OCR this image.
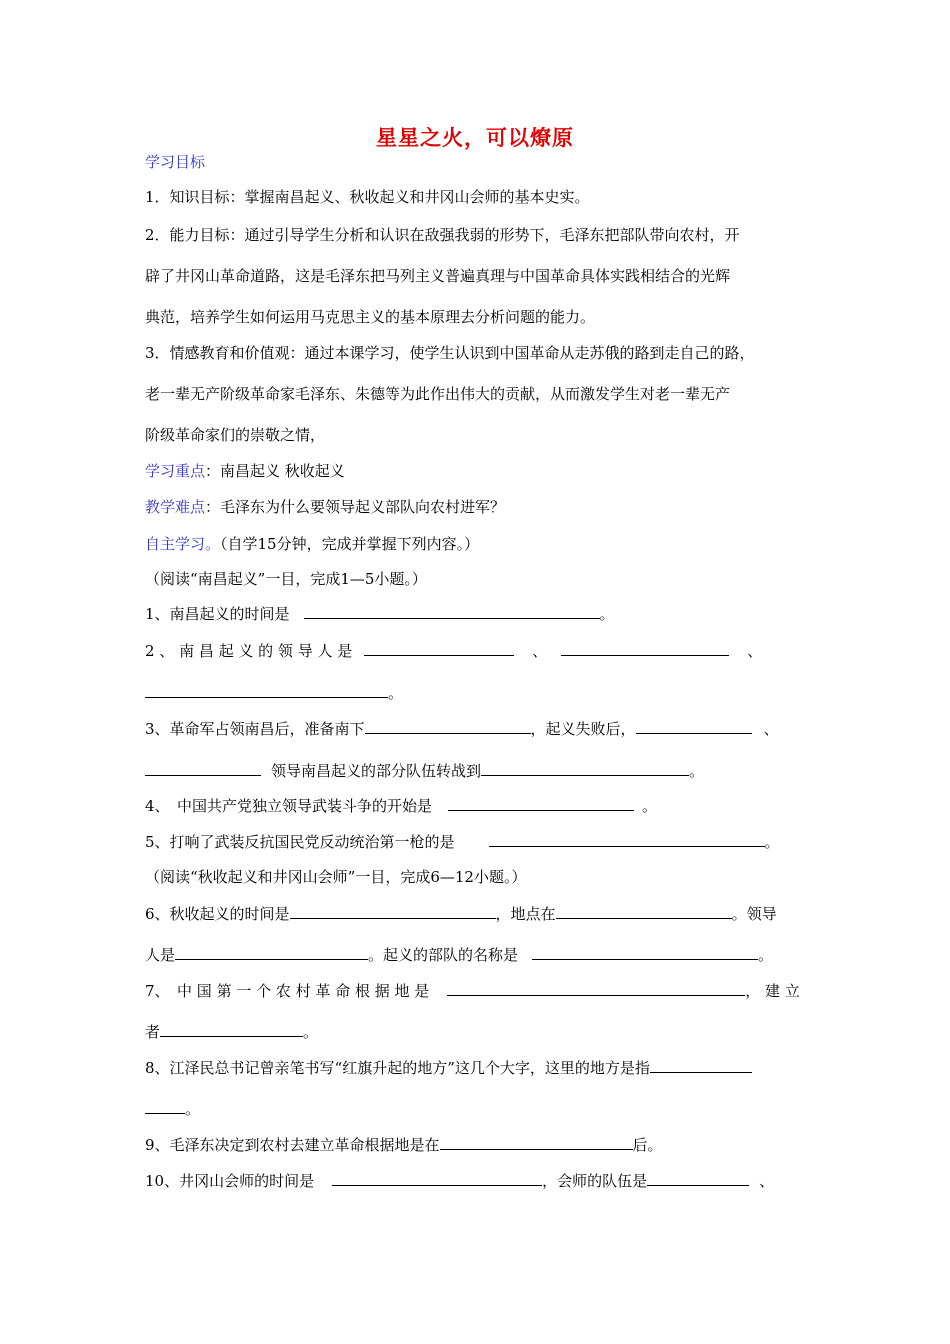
星星之火，可以燎原
学习目标
1．知识目标：掌握南昌起义、秋收起义和井冈山会师的基本史实。
2．能力目标：通过引导学生分析和认识在敌强我弱的形势下，毛泽东把部队带向农村，开
辟了井冈山革命道路，这是毛泽东把马列主义普遍真理与中国革命具体实践相结合的光辉
典范，培养学生如何运用马克思主义的基本原理去分析问题的能力。
3．情感教育和价值观：通过本课学习，使学生认识到中国革命从走苏俄的路到走自己的路，
老一辈无产阶级革命家毛泽东、朱德等为此作出伟大的贡献，从而激发学生对老一辈无产
阶级革命家们的崇敬之情，
学习重点：南昌起义 秋收起义
教学难点：毛泽东为什么要领导起义部队向农村进军？
自主学习。（自学15分钟，完成并掌握下列内容。）
（阅读“南昌起义”一目，完成1—5小题。）
1、南昌起义的时间是	。
2 、 南 昌 起 义 的 领 导 人 是	、	、
。
3、革命军占领南昌后，准备南下	，起义失败后，	、
领导南昌起义的部分队伍转战到	。
4、　中国共产党独立领导武装斗争的开始是	。
5、打响了武装反抗国民党反动统治第一枪的是	。
（阅读“秋收起义和井冈山会师”一目，完成6—12小题。）
6、秋收起义的时间是	，地点在	。领导
人是	。起义的部队的名称是	。
7、　中 国 第 一 个 农 村 革 命 根 据 地 是	， 建 立
者	。
8、江泽民总书记曾亲笔书写“红旗升起的地方”这几个大字，这里的地方是指
。
9、毛泽东决定到农村去建立革命根据地是在	后。
10、井冈山会师的时间是	，会师的队伍是	、
